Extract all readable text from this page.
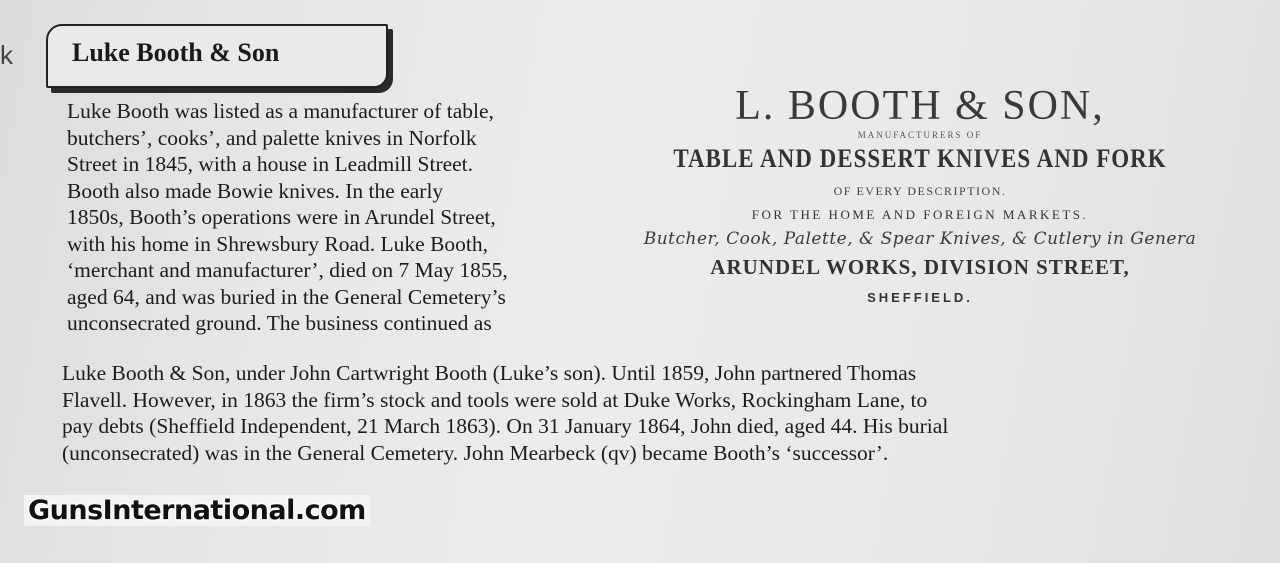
k Luke Booth & Son

Luke Booth was listed as a manufacturer of table,
butchers’, cooks’, and palette knives in Norfolk
Street in 1845, with a house in Leadmill Street.
Booth also made Bowie knives. In the early
1850s, Booth’s operations were in Arundel Street,
with his home in Shrewsbury Road. Luke Booth,
‘merchant and manufacturer’, died on 7 May 1855,
aged 64, and was buried in the General Cemetery’s
unconsecrated ground. The business continued as

L. BOOTH & SON,
MANUFACTURERS OF
TABLE AND DESSERT KNIVES AND FORK
OF EVERY DESCRIPTION.
FOR THE HOME AND FOREIGN MARKETS.
Butcher, Cook, Palette, & Spear Knives, & Cutlery in Genera
ARUNDEL WORKS, DIVISION STREET,
SHEFFIELD.

Luke Booth & Son, under John Cartwright Booth (Luke’s son). Until 1859, John partnered Thomas
Flavell. However, in 1863 the firm’s stock and tools were sold at Duke Works, Rockingham Lane, to
pay debts (Sheffield Independent, 21 March 1863). On 31 January 1864, John died, aged 44. His burial
(unconsecrated) was in the General Cemetery. John Mearbeck (qv) became Booth’s ‘successor’.

GunsInternational.com
